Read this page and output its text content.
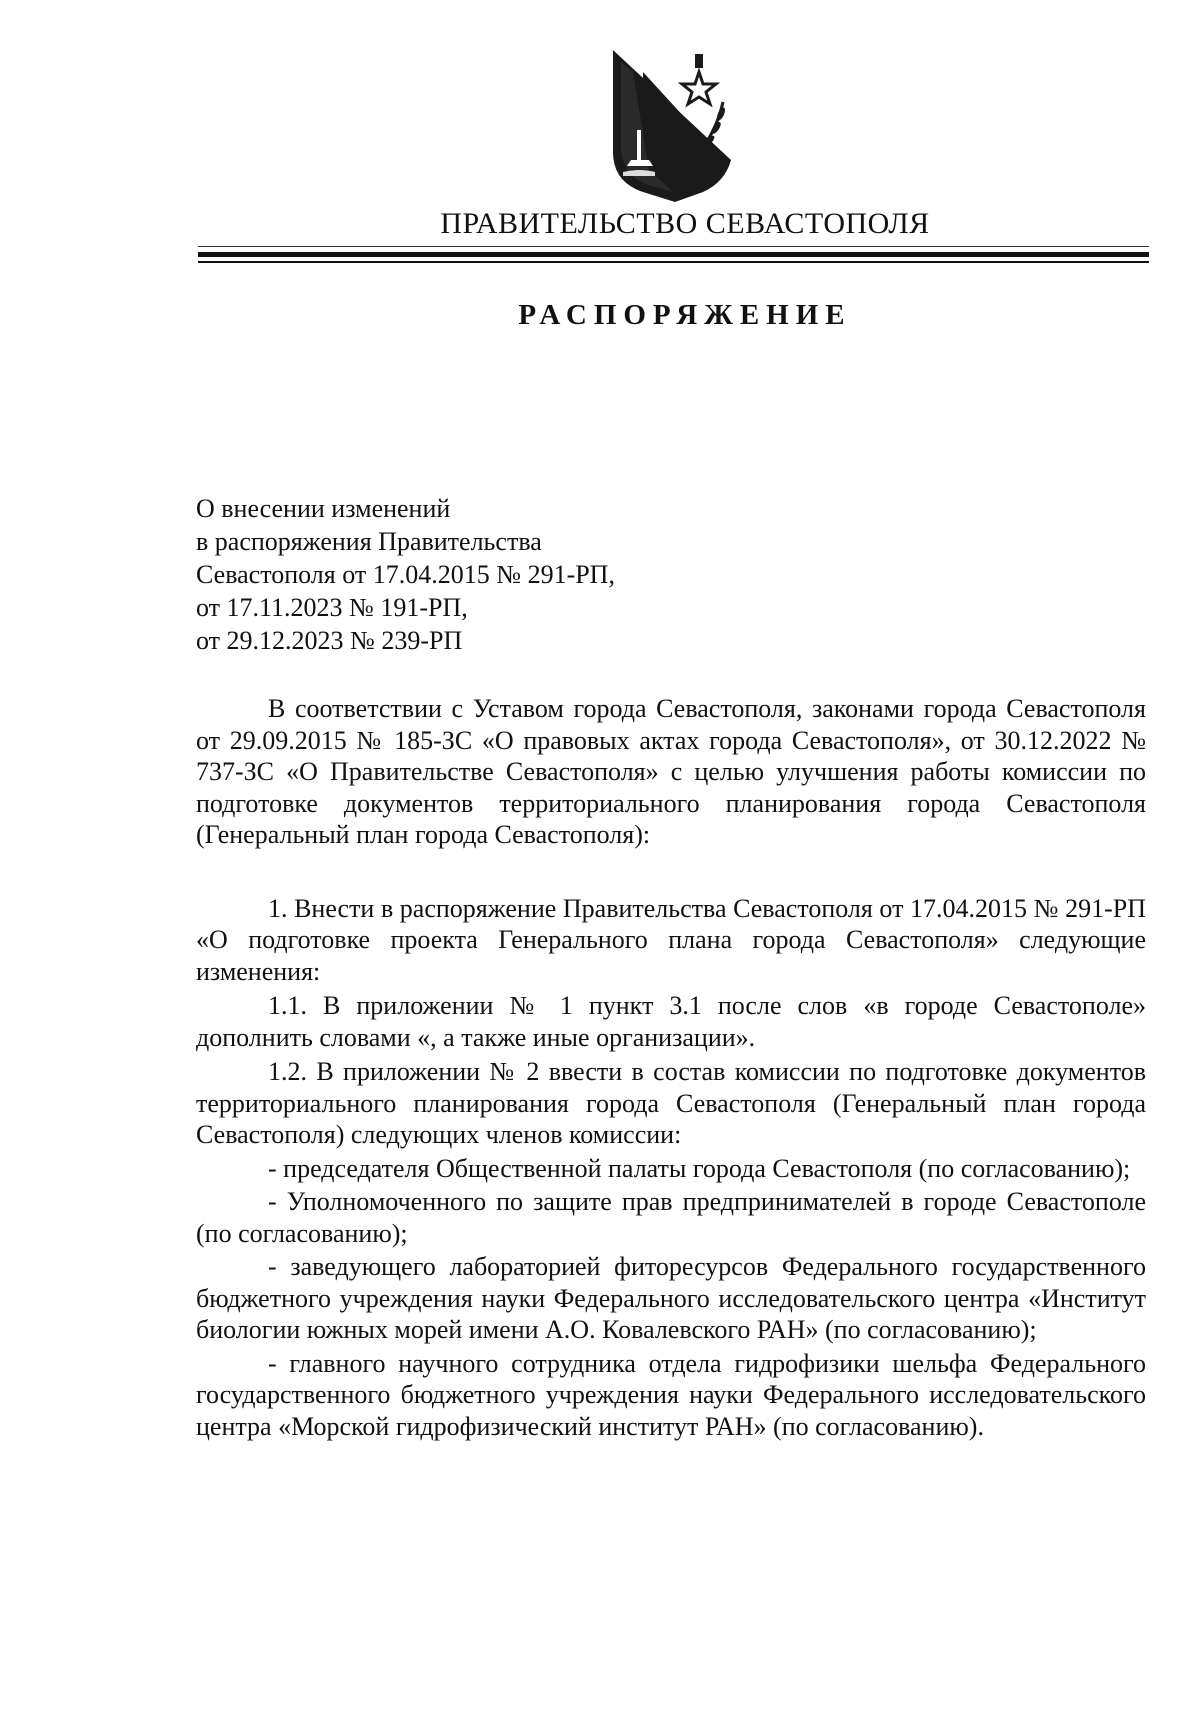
ПРАВИТЕЛЬСТВО СЕВАСТОПОЛЯ
РАСПОРЯЖЕНИЕ
О внесении изменений
в распоряжения Правительства
Севастополя от 17.04.2015 № 291-РП,
от 17.11.2023 № 191-РП,
от 29.12.2023 № 239-РП

В соответствии с Уставом города Севастополя, законами города Севастополя от 29.09.2015 № 185-ЗС «О правовых актах города Севастополя», от 30.12.2022 № 737-ЗС «О Правительстве Севастополя» с целью улучшения работы комиссии по подготовке документов территориального планирования города Севастополя (Генеральный план города Севастополя):

1. Внести в распоряжение Правительства Севастополя от 17.04.2015 № 291-РП «О подготовке проекта Генерального плана города Севастополя» следующие изменения:

1.1. В приложении № 1 пункт 3.1 после слов «в городе Севастополе» дополнить словами «, а также иные организации».

1.2. В приложении № 2 ввести в состав комиссии по подготовке документов территориального планирования города Севастополя (Генеральный план города Севастополя) следующих членов комиссии:

- председателя Общественной палаты города Севастополя (по согласованию);

- Уполномоченного по защите прав предпринимателей в городе Севастополе (по согласованию);

- заведующего лабораторией фиторесурсов Федерального государственного бюджетного учреждения науки Федерального исследовательского центра «Институт биологии южных морей имени А.О. Ковалевского РАН» (по согласованию);

- главного научного сотрудника отдела гидрофизики шельфа Федерального государственного бюджетного учреждения науки Федерального исследовательского центра «Морской гидрофизический институт РАН» (по согласованию).
